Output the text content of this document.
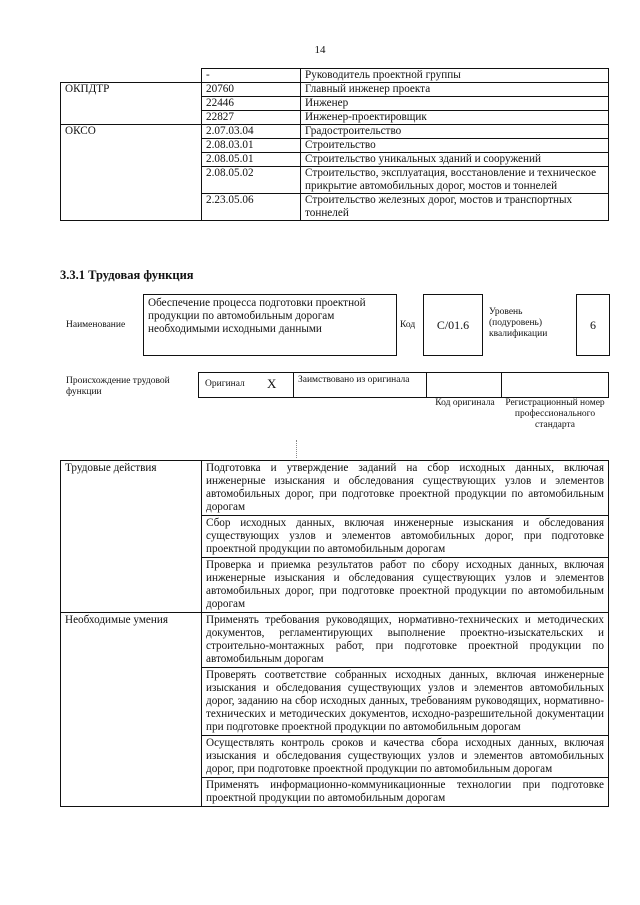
14
	-	Руководитель проектной группы
ОКПДТР	20760	Главный инженер проекта
	22446	Инженер
	22827	Инженер-проектировщик
ОКСО	2.07.03.04	Градостроительство
	2.08.03.01	Строительство
	2.08.05.01	Строительство уникальных зданий и сооружений
	2.08.05.02	Строительство, эксплуатация, восстановление и техническое прикрытие автомобильных дорог, мостов и тоннелей
	2.23.05.06	Строительство железных дорог, мостов и транспортных тоннелей
3.3.1 Трудовая функция
Наименование
Обеспечение процесса подготовки проектной продукции по автомобильным дорогам необходимыми исходными данными	Код	C/01.6
Уровень (подуровень) квалификации
6
Происхождение трудовой функции
Оригинал X Заимствовано из оригинала
Код оригинала	Регистрационный номер профессионального стандарта
Трудовые действия	Подготовка и утверждение заданий на сбор исходных данных, включая инженерные изыскания и обследования существующих узлов и элементов автомобильных дорог, при подготовке проектной продукции по автомобильным дорогам
	Сбор исходных данных, включая инженерные изыскания и обследования существующих узлов и элементов автомобильных дорог, при подготовке проектной продукции по автомобильным дорогам
	Проверка и приемка результатов работ по сбору исходных данных, включая инженерные изыскания и обследования существующих узлов и элементов автомобильных дорог, при подготовке проектной продукции по автомобильным дорогам
Необходимые умения	Применять требования руководящих, нормативно-технических и методических документов, регламентирующих выполнение проектно-изыскательских и строительно-монтажных работ, при подготовке проектной продукции по автомобильным дорогам
	Проверять соответствие собранных исходных данных, включая инженерные изыскания и обследования существующих узлов и элементов автомобильных дорог, заданию на сбор исходных данных, требованиям руководящих, нормативно-технических и методических документов, исходно-разрешительной документации при подготовке проектной продукции по автомобильным дорогам
	Осуществлять контроль сроков и качества сбора исходных данных, включая изыскания и обследования существующих узлов и элементов автомобильных дорог, при подготовке проектной продукции по автомобильным дорогам
	Применять информационно-коммуникационные технологии при подготовке проектной продукции по автомобильным дорогам
